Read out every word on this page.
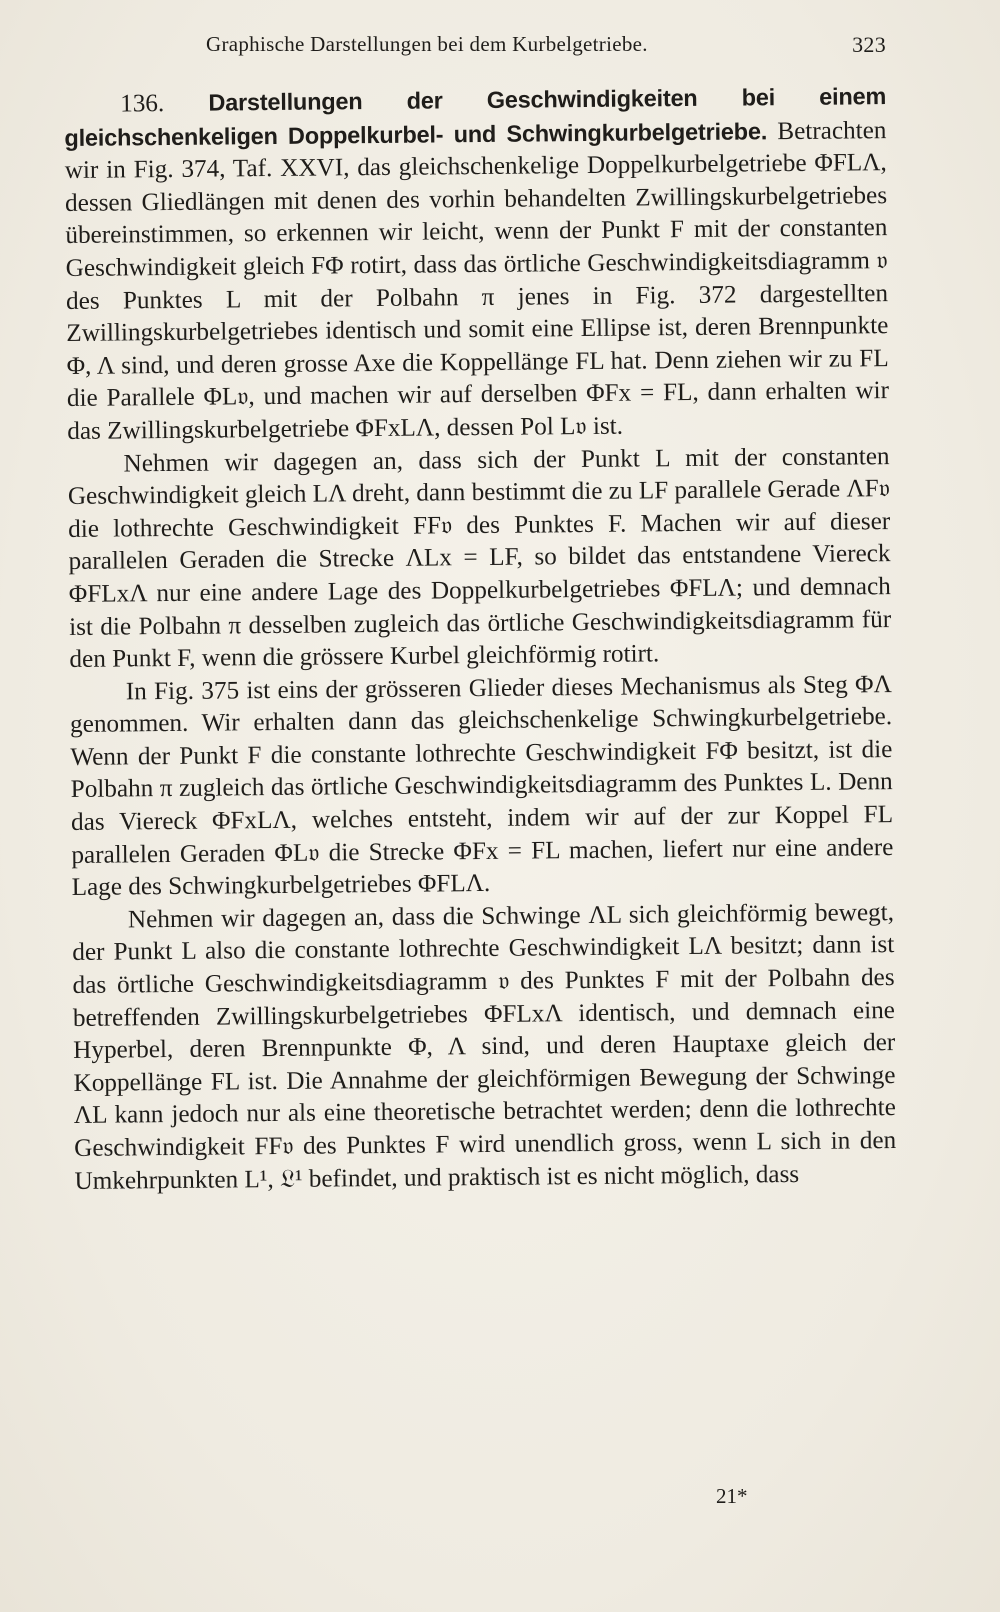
Graphische Darstellungen bei dem Kurbelgetriebe.	323

136. Darstellungen der Geschwindigkeiten bei einem gleichschenkeligen Doppelkurbel- und Schwingkurbelgetriebe. Betrachten wir in Fig. 374, Taf. XXVI, das gleichschenkelige Doppelkurbelgetriebe ΦFLΛ, dessen Gliedlängen mit denen des vorhin behandelten Zwillingskurbelgetriebes übereinstimmen, so erkennen wir leicht, wenn der Punkt F mit der constanten Geschwindigkeit gleich FΦ rotirt, dass das örtliche Geschwindigkeitsdiagramm 𝔳 des Punktes L mit der Polbahn π jenes in Fig. 372 dargestellten Zwillingskurbelgetriebes identisch und somit eine Ellipse ist, deren Brennpunkte Φ, Λ sind, und deren grosse Axe die Koppellänge FL hat. Denn ziehen wir zu FL die Parallele ΦL𝔳, und machen wir auf derselben ΦFx = FL, dann erhalten wir das Zwillingskurbelgetriebe ΦFxLΛ, dessen Pol L𝔳 ist.

Nehmen wir dagegen an, dass sich der Punkt L mit der constanten Geschwindigkeit gleich LΛ dreht, dann bestimmt die zu LF parallele Gerade ΛF𝔳 die lothrechte Geschwindigkeit FF𝔳 des Punktes F. Machen wir auf dieser parallelen Geraden die Strecke ΛLx = LF, so bildet das entstandene Viereck ΦFLxΛ nur eine andere Lage des Doppelkurbelgetriebes ΦFLΛ; und demnach ist die Polbahn π desselben zugleich das örtliche Geschwindigkeitsdiagramm für den Punkt F, wenn die grössere Kurbel gleichförmig rotirt.

In Fig. 375 ist eins der grösseren Glieder dieses Mechanismus als Steg ΦΛ genommen. Wir erhalten dann das gleichschenkelige Schwingkurbelgetriebe. Wenn der Punkt F die constante lothrechte Geschwindigkeit FΦ besitzt, ist die Polbahn π zugleich das örtliche Geschwindigkeitsdiagramm des Punktes L. Denn das Viereck ΦFxLΛ, welches entsteht, indem wir auf der zur Koppel FL parallelen Geraden ΦL𝔳 die Strecke ΦFx = FL machen, liefert nur eine andere Lage des Schwingkurbelgetriebes ΦFLΛ.

Nehmen wir dagegen an, dass die Schwinge ΛL sich gleichförmig bewegt, der Punkt L also die constante lothrechte Geschwindigkeit LΛ besitzt; dann ist das örtliche Geschwindigkeitsdiagramm 𝔳 des Punktes F mit der Polbahn des betreffenden Zwillingskurbelgetriebes ΦFLxΛ identisch, und demnach eine Hyperbel, deren Brennpunkte Φ, Λ sind, und deren Hauptaxe gleich der Koppellänge FL ist. Die Annahme der gleichförmigen Bewegung der Schwinge ΛL kann jedoch nur als eine theoretische betrachtet werden; denn die lothrechte Geschwindigkeit FF𝔳 des Punktes F wird unendlich gross, wenn L sich in den Umkehrpunkten L¹, 𝔏¹ befindet, und praktisch ist es nicht möglich, dass

21*
